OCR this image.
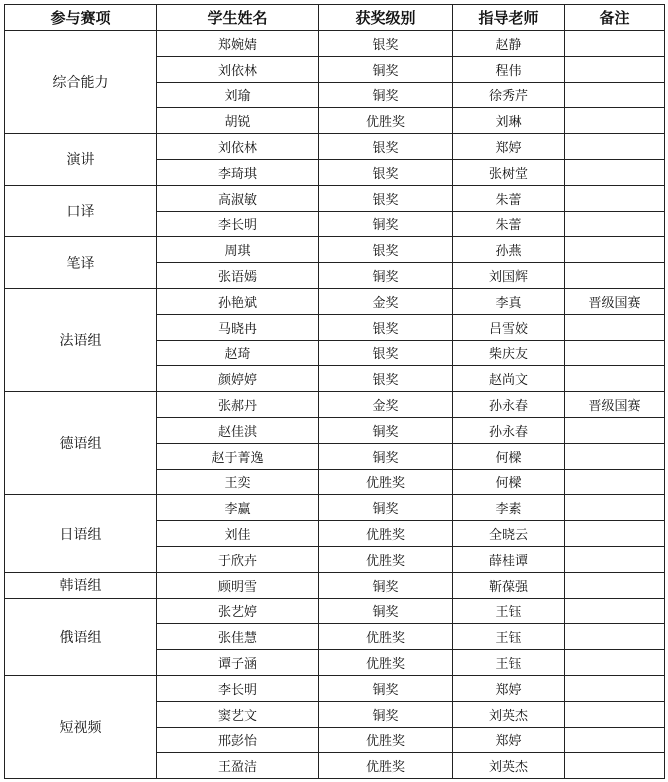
参与赛项	学生姓名	获奖级别	指导老师	备注
综合能力	郑婉婧	银奖	赵静	
	刘依林	铜奖	程伟	
	刘瑜	铜奖	徐秀芹	
	胡锐	优胜奖	刘琳	
演讲	刘依林	银奖	郑婷	
	李琦琪	银奖	张树堂	
口译	高淑敏	银奖	朱蕾	
	李长明	铜奖	朱蕾	
笔译	周琪	银奖	孙燕	
	张语嫣	铜奖	刘国辉	
法语组	孙艳斌	金奖	李真	晋级国赛
	马晓冉	银奖	吕雪姣	
	赵琦	银奖	柴庆友	
	颜婷婷	银奖	赵尚文	
德语组	张郝丹	金奖	孙永春	晋级国赛
	赵佳淇	铜奖	孙永春	
	赵于菁逸	铜奖	何樑	
	王奕	优胜奖	何樑	
日语组	李赢	铜奖	李素	
	刘佳	优胜奖	全晓云	
	于欣卉	优胜奖	薛桂谭	
韩语组	顾明雪	铜奖	靳葆强	
俄语组	张艺婷	铜奖	王钰	
	张佳慧	优胜奖	王钰	
	谭子涵	优胜奖	王钰	
短视频	李长明	铜奖	郑婷	
	窦艺文	铜奖	刘英杰	
	邢彭怡	优胜奖	郑婷	
	王盈洁	优胜奖	刘英杰	
